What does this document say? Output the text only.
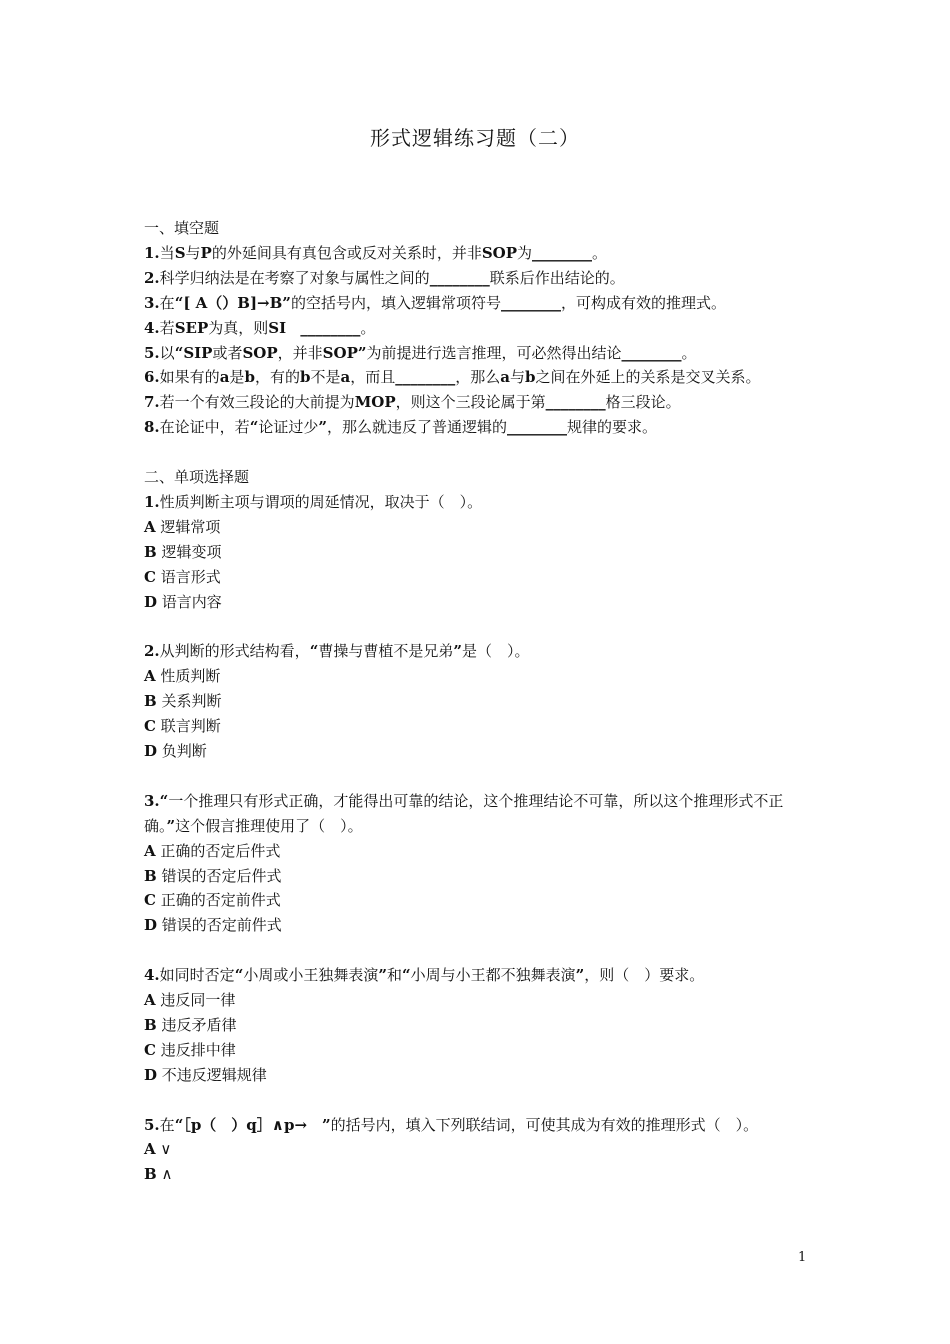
形式逻辑练习题（二）
一、填空题
1.当S与P的外延间具有真包含或反对关系时，并非SOP为________。
2.科学归纳法是在考察了对象与属性之间的________联系后作出结论的。
3.在“[ A（）B]→B”的空括号内，填入逻辑常项符号________，可构成有效的推理式。
4.若SEP为真，则SI ________。
5.以“SIP或者SOP，并非SOP”为前提进行选言推理，可必然得出结论________。
6.如果有的a是b，有的b不是a，而且________，那么a与b之间在外延上的关系是交叉关系。
7.若一个有效三段论的大前提为MOP，则这个三段论属于第________格三段论。
8.在论证中，若“论证过少”，那么就违反了普通逻辑的________规律的要求。
二、单项选择题
1.性质判断主项与谓项的周延情况，取决于（　）。
A 逻辑常项
B 逻辑变项
C 语言形式
D 语言内容
2.从判断的形式结构看，“曹操与曹植不是兄弟”是（　）。
A 性质判断
B 关系判断
C 联言判断
D 负判断
3.“一个推理只有形式正确，才能得出可靠的结论，这个推理结论不可靠，所以这个推理形式不正确。”这个假言推理使用了（　）。
A 正确的否定后件式
B 错误的否定后件式
C 正确的否定前件式
D 错误的否定前件式
4.如同时否定“小周或小王独舞表演”和“小周与小王都不独舞表演”，则（　）要求。
A 违反同一律
B 违反矛盾律
C 违反排中律
D 不违反逻辑规律
5.在“［p（　）q］∧p→　”的括号内，填入下列联结词，可使其成为有效的推理形式（　）。
A ∨
B ∧
1
